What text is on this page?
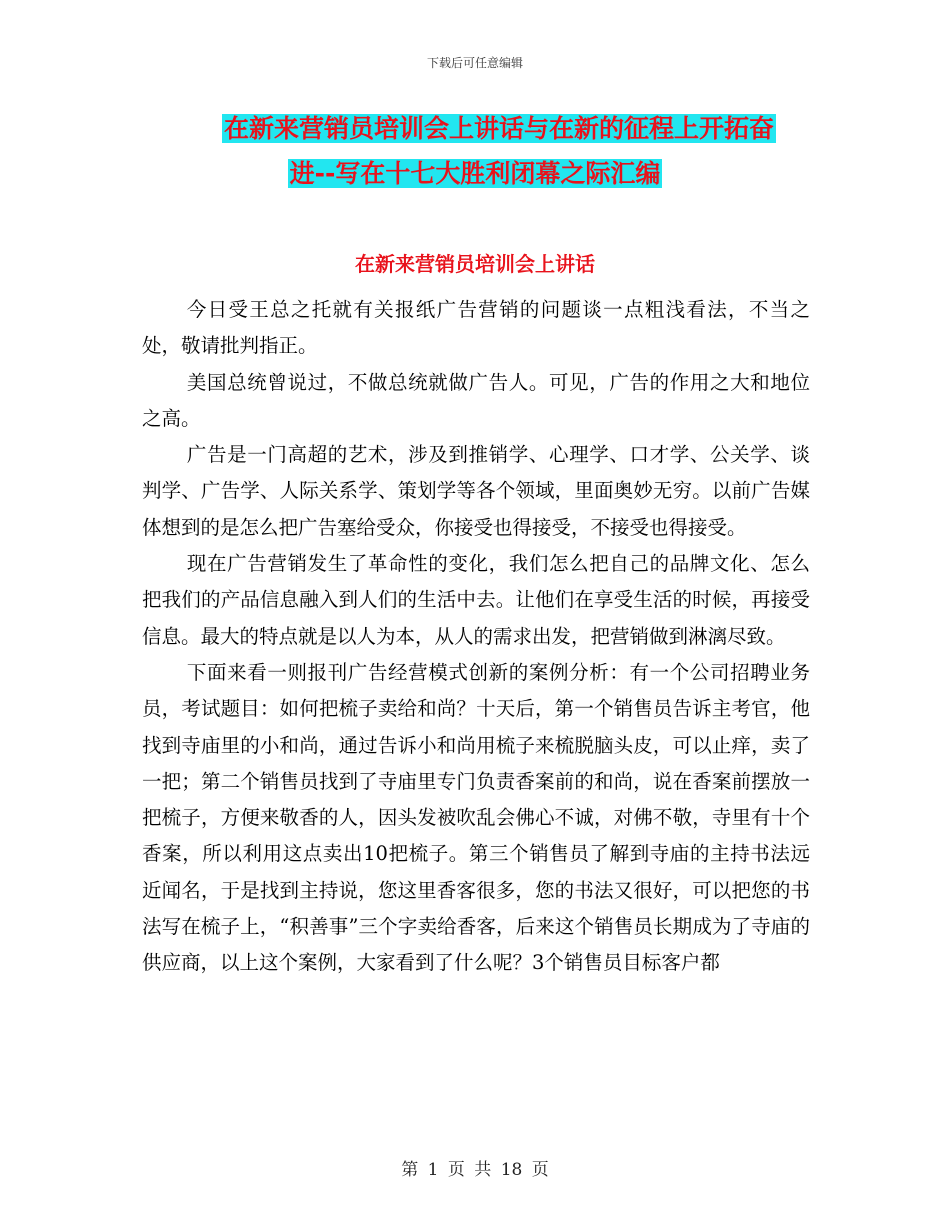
下载后可任意编辑
在新来营销员培训会上讲话与在新的征程上开拓奋
进--写在十七大胜利闭幕之际汇编
在新来营销员培训会上讲话

今日受王总之托就有关报纸广告营销的问题谈一点粗浅看法，不当之处，敬请批判指正。

美国总统曾说过，不做总统就做广告人。可见，广告的作用之大和地位之高。

广告是一门高超的艺术，涉及到推销学、心理学、口才学、公关学、谈判学、广告学、人际关系学、策划学等各个领域，里面奥妙无穷。以前广告媒体想到的是怎么把广告塞给受众，你接受也得接受，不接受也得接受。

现在广告营销发生了革命性的变化，我们怎么把自己的品牌文化、怎么把我们的产品信息融入到人们的生活中去。让他们在享受生活的时候，再接受信息。最大的特点就是以人为本，从人的需求出发，把营销做到淋漓尽致。

下面来看一则报刊广告经营模式创新的案例分析：有一个公司招聘业务员，考试题目：如何把梳子卖给和尚？十天后，第一个销售员告诉主考官，他找到寺庙里的小和尚，通过告诉小和尚用梳子来梳脱脑头皮，可以止痒，卖了一把；第二个销售员找到了寺庙里专门负责香案前的和尚，说在香案前摆放一把梳子，方便来敬香的人，因头发被吹乱会佛心不诚，对佛不敬，寺里有十个香案，所以利用这点卖出10把梳子。第三个销售员了解到寺庙的主持书法远近闻名，于是找到主持说，您这里香客很多，您的书法又很好，可以把您的书法写在梳子上，“积善事”三个字卖给香客，后来这个销售员长期成为了寺庙的供应商，以上这个案例，大家看到了什么呢？3个销售员目标客户都

第 1 页 共 18 页
